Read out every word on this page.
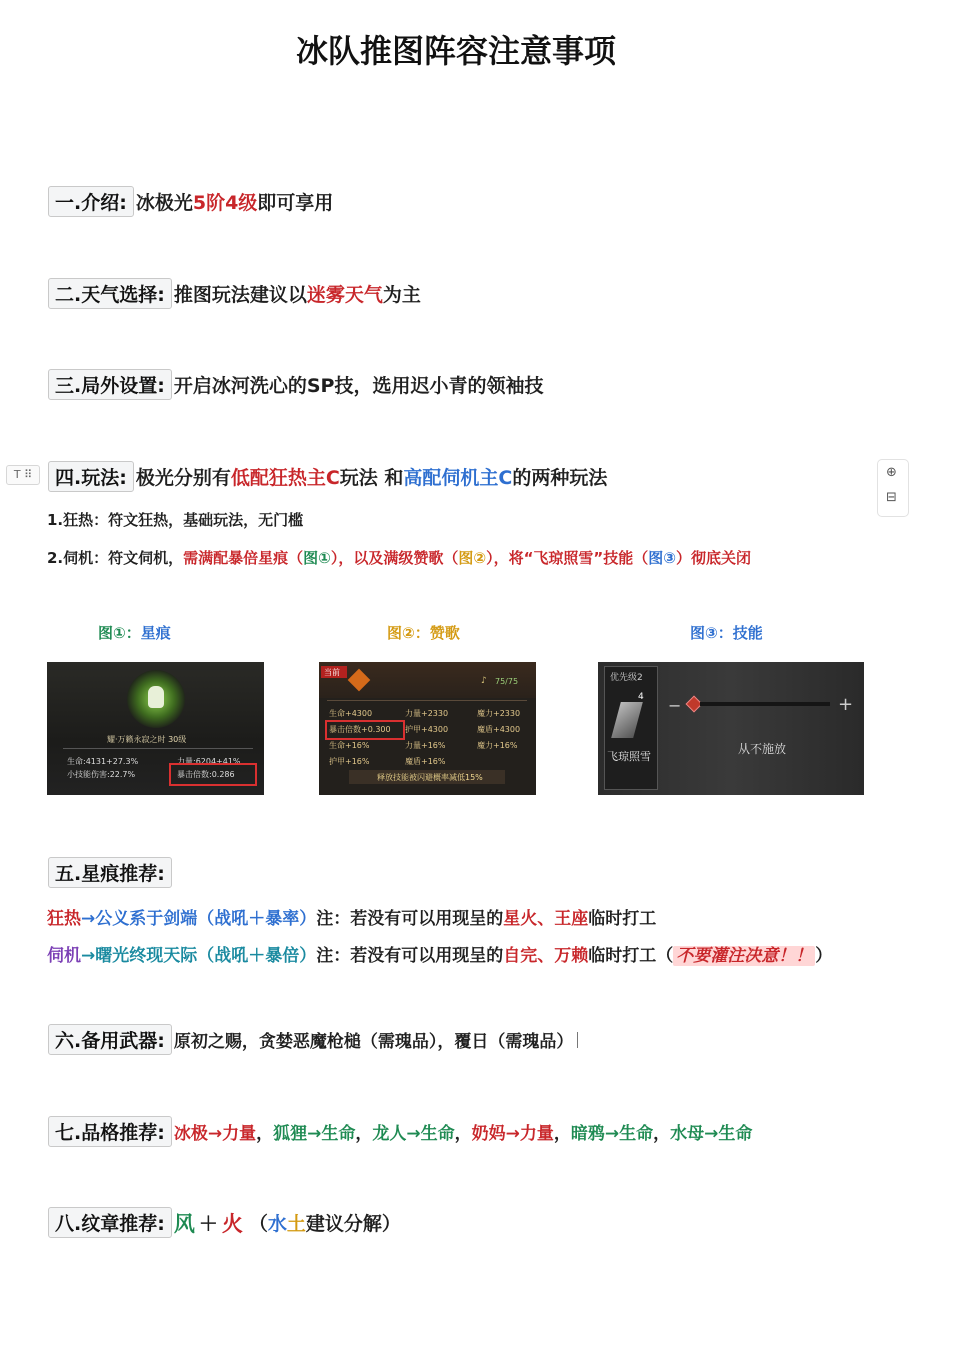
冰队推图阵容注意事项
一.介绍: 冰极光 5阶4级 即可享用
二.天气选择: 推图玩法建议以 迷雾天气 为主
三.局外设置: 开启冰河洗心的SP技，选用迟小青的领袖技
T ⠿	⊕
⊟
四.玩法: 极光分别有 低配狂热主C 玩法 和 高配伺机主C 的两种玩法
1.狂热：符文狂热，基础玩法，无门槛
2.伺机：符文伺机，需满配暴倍星痕（图①），以及满级赞歌（图②），将“飞琼照雪”技能（图③）彻底关闭
图①：星痕	图②：赞歌	图③：技能
耀·万籁永寂之时 30级
生命:4131+27.3%	力量:6204+41%
小技能伤害:22.7%	暴击倍数:0.286
当前
♪ 75/75
生命+4300	力量+2330	魔力+2330
暴击倍数+0.300 护甲+4300	魔盾+4300
生命+16%	力量+16%	魔力+16%
护甲+16%	魔盾+16%
释放技能被闪避概率减低15%
优先级2
4
飞琼照雪
−	+
从不施放
五.星痕推荐:
狂热→公义系于剑端（战吼＋暴率）注：若没有可以用现呈的星火、王座临时打工
伺机→曙光终现天际（战吼＋暴倍）注：若没有可以用现呈的自完、万赖临时打工（ 不要灌注决意！！ ）
六.备用武器: 原初之赐，贪婪恶魔枪槌（需瑰品），覆日（需瑰品）
七.品格推荐: 冰极→力量，狐狸→生命，龙人→生命，奶妈→力量，暗鸦→生命，水母→生命
八.纹章推荐: 风 ＋ 火 （ 水 土 建议分解）
